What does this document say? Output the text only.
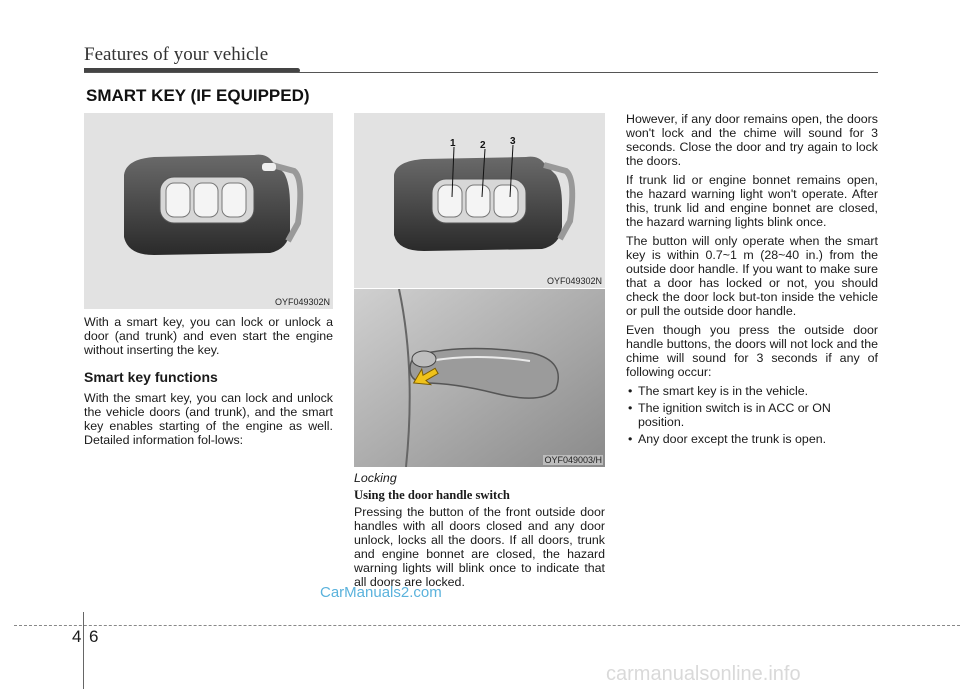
Features of your vehicle
SMART KEY (IF EQUIPPED)
OYF049302N
1 2 3
OYF049302N
OYF049003/H

With a smart key, you can lock or unlock a door (and trunk) and even start the engine without inserting the key.

Smart key functions

With the smart key, you can lock and unlock the vehicle doors (and trunk), and the smart key enables starting of the engine as well. Detailed information fol-lows:

Locking
Using the door handle switch

Pressing the button of the front outside door handles with all doors closed and any door unlock, locks all the doors. If all doors, trunk and engine bonnet are closed, the hazard warning lights will blink once to indicate that all doors are locked.

However, if any door remains open, the doors won't lock and the chime will sound for 3 seconds. Close the door and try again to lock the doors.

If trunk lid or engine bonnet remains open, the hazard warning light won't operate. After this, trunk lid and engine bonnet are closed, the hazard warning lights blink once.

The button will only operate when the smart key is within 0.7~1 m (28~40 in.) from the outside door handle. If you want to make sure that a door has locked or not, you should check the door lock but-ton inside the vehicle or pull the outside door handle.

Even though you press the outside door handle buttons, the doors will not lock and the chime will sound for 3 seconds if any of following occur:

• The smart key is in the vehicle.
• The ignition switch is in ACC or ON position.
• Any door except the trunk is open.
CarManuals2.com
4 6
carmanualsonline.info
